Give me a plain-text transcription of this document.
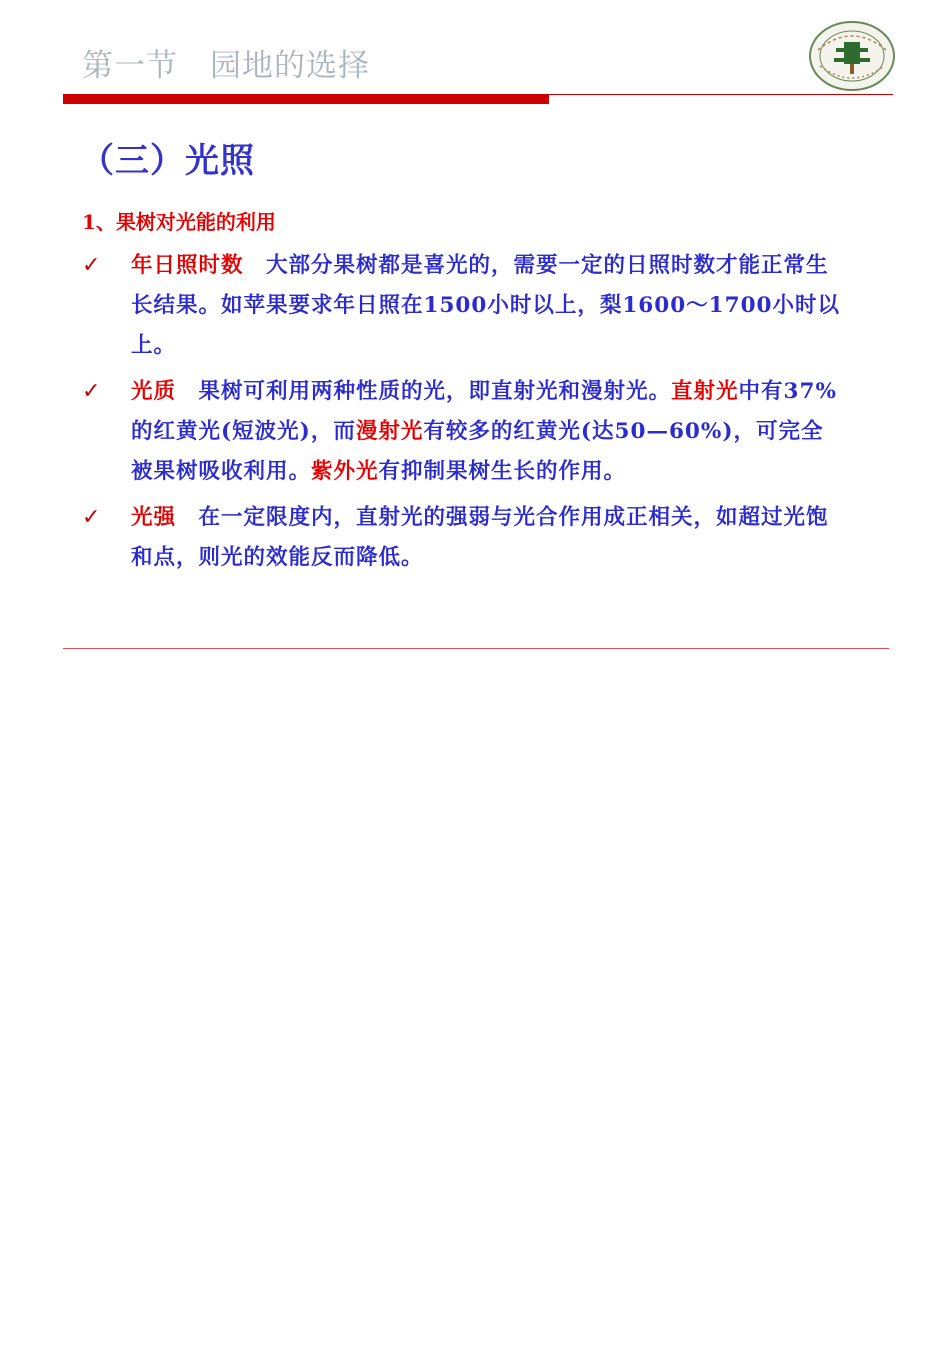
第一节　园地的选择
（三）光照
1、果树对光能的利用
✓ 年日照时数　大部分果树都是喜光的，需要一定的日照时数才能正常生长结果。如苹果要求年日照在1500小时以上，梨1600～1700小时以上。
✓ 光质　果树可利用两种性质的光，即直射光和漫射光。直射光中有37%的红黄光(短波光)，而漫射光有较多的红黄光(达50—60%)，可完全被果树吸收利用。紫外光有抑制果树生长的作用。
✓ 光强　在一定限度内，直射光的强弱与光合作用成正相关，如超过光饱和点，则光的效能反而降低。
